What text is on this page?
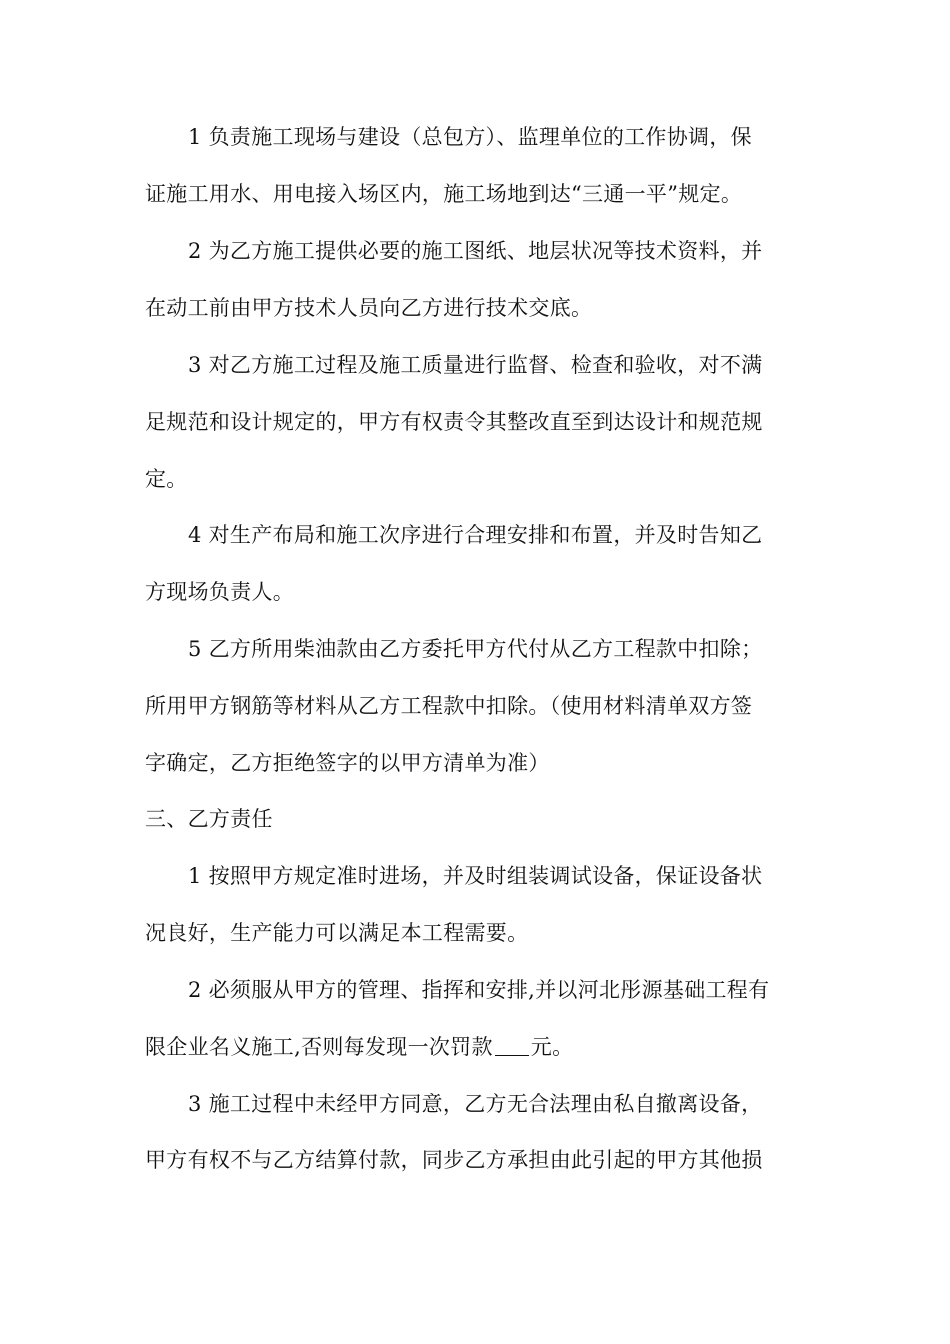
1 负责施工现场与建设（总包方）、监理单位的工作协调，保
证施工用水、用电接入场区内，施工场地到达“三通一平”规定。
2 为乙方施工提供必要的施工图纸、地层状况等技术资料，并
在动工前由甲方技术人员向乙方进行技术交底。
3 对乙方施工过程及施工质量进行监督、检查和验收，对不满
足规范和设计规定的，甲方有权责令其整改直至到达设计和规范规
定。
4 对生产布局和施工次序进行合理安排和布置，并及时告知乙
方现场负责人。
5 乙方所用柴油款由乙方委托甲方代付从乙方工程款中扣除；
所用甲方钢筋等材料从乙方工程款中扣除。（使用材料清单双方签
字确定，乙方拒绝签字的以甲方清单为准）
三、乙方责任
1 按照甲方规定准时进场，并及时组装调试设备，保证设备状
况良好，生产能力可以满足本工程需要。
2 必须服从甲方的管理、指挥和安排,并以河北彤源基础工程有
限企业名义施工,否则每发现一次罚款 元。
3 施工过程中未经甲方同意，乙方无合法理由私自撤离设备，
甲方有权不与乙方结算付款，同步乙方承担由此引起的甲方其他损
